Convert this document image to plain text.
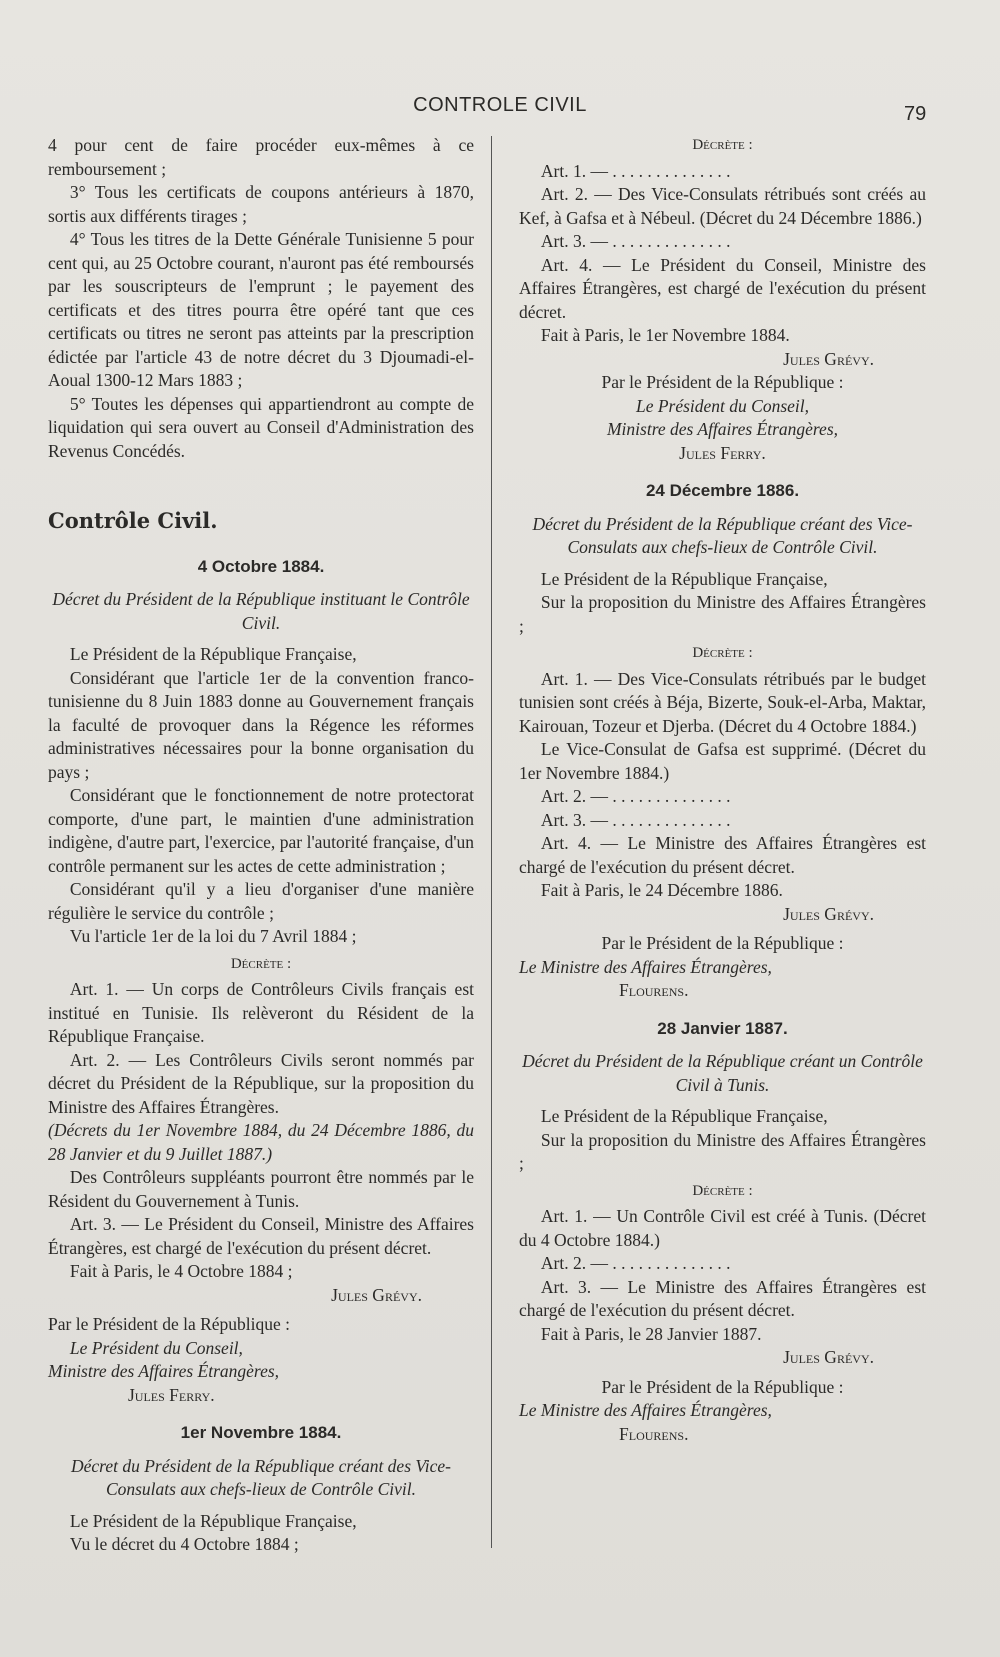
CONTROLE CIVIL	79

4 pour cent de faire procéder eux-mêmes à ce remboursement ;

3° Tous les certificats de coupons antérieurs à 1870, sortis aux différents tirages ;

4° Tous les titres de la Dette Générale Tunisienne 5 pour cent qui, au 25 Octobre courant, n'auront pas été remboursés par les souscripteurs de l'emprunt ; le payement des certificats et des titres pourra être opéré tant que ces certificats ou titres ne seront pas atteints par la prescription édictée par l'article 43 de notre décret du 3 Djoumadi-el-Aoual 1300-12 Mars 1883 ;

5° Toutes les dépenses qui appartiendront au compte de liquidation qui sera ouvert au Conseil d'Administration des Revenus Concédés.

Contrôle Civil.

4 Octobre 1884.

Décret du Président de la République instituant le Contrôle Civil.

Le Président de la République Française,

Considérant que l'article 1er de la convention franco-tunisienne du 8 Juin 1883 donne au Gouvernement français la faculté de provoquer dans la Régence les réformes administratives nécessaires pour la bonne organisation du pays ;

Considérant que le fonctionnement de notre protectorat comporte, d'une part, le maintien d'une administration indigène, d'autre part, l'exercice, par l'autorité française, d'un contrôle permanent sur les actes de cette administration ;

Considérant qu'il y a lieu d'organiser d'une manière régulière le service du contrôle ;

Vu l'article 1er de la loi du 7 Avril 1884 ;

Décrète :

Art. 1. — Un corps de Contrôleurs Civils français est institué en Tunisie. Ils relèveront du Résident de la République Française.

Art. 2. — Les Contrôleurs Civils seront nommés par décret du Président de la République, sur la proposition du Ministre des Affaires Étrangères.

(Décrets du 1er Novembre 1884, du 24 Décembre 1886, du 28 Janvier et du 9 Juillet 1887.)

Des Contrôleurs suppléants pourront être nommés par le Résident du Gouvernement à Tunis.

Art. 3. — Le Président du Conseil, Ministre des Affaires Étrangères, est chargé de l'exécution du présent décret.

Fait à Paris, le 4 Octobre 1884 ;

Jules Grévy.

Par le Président de la République :

Le Président du Conseil,

Ministre des Affaires Étrangères,

Jules Ferry.

1er Novembre 1884.

Décret du Président de la République créant des Vice-Consulats aux chefs-lieux de Contrôle Civil.

Le Président de la République Française,

Vu le décret du 4 Octobre 1884 ;

Décrète :

Art. 1. — . . . . . . . . . . . . . .

Art. 2. — Des Vice-Consulats rétribués sont créés au Kef, à Gafsa et à Nébeul. (Décret du 24 Décembre 1886.)

Art. 3. — . . . . . . . . . . . . . .

Art. 4. — Le Président du Conseil, Ministre des Affaires Étrangères, est chargé de l'exécution du présent décret.

Fait à Paris, le 1er Novembre 1884.

Jules Grévy.

Par le Président de la République :

Le Président du Conseil,

Ministre des Affaires Étrangères,

Jules Ferry.

24 Décembre 1886.

Décret du Président de la République créant des Vice-Consulats aux chefs-lieux de Contrôle Civil.

Le Président de la République Française,

Sur la proposition du Ministre des Affaires Étrangères ;

Décrète :

Art. 1. — Des Vice-Consulats rétribués par le budget tunisien sont créés à Béja, Bizerte, Souk-el-Arba, Maktar, Kairouan, Tozeur et Djerba. (Décret du 4 Octobre 1884.)

Le Vice-Consulat de Gafsa est supprimé. (Décret du 1er Novembre 1884.)

Art. 2. — . . . . . . . . . . . . . .

Art. 3. — . . . . . . . . . . . . . .

Art. 4. — Le Ministre des Affaires Étrangères est chargé de l'exécution du présent décret.

Fait à Paris, le 24 Décembre 1886.

Jules Grévy.

Par le Président de la République :

Le Ministre des Affaires Étrangères,

Flourens.

28 Janvier 1887.

Décret du Président de la République créant un Contrôle Civil à Tunis.

Le Président de la République Française,

Sur la proposition du Ministre des Affaires Étrangères ;

Décrète :

Art. 1. — Un Contrôle Civil est créé à Tunis. (Décret du 4 Octobre 1884.)

Art. 2. — . . . . . . . . . . . . . .

Art. 3. — Le Ministre des Affaires Étrangères est chargé de l'exécution du présent décret.

Fait à Paris, le 28 Janvier 1887.

Jules Grévy.

Par le Président de la République :

Le Ministre des Affaires Étrangères,

Flourens.
